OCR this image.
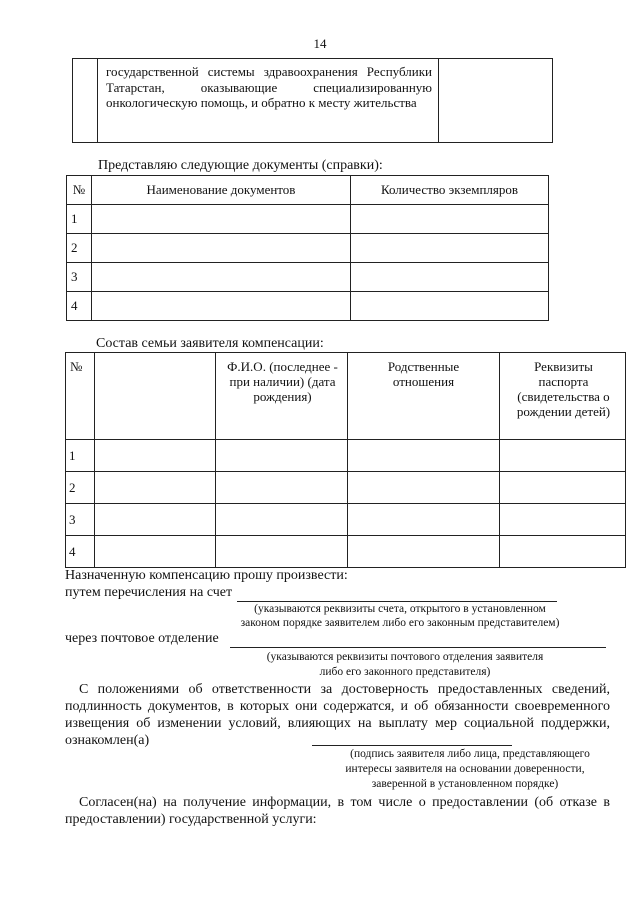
14

государственной системы здравоохранения Республики Татарстан, оказывающие специализированную онкологическую помощь, и обратно к месту жительства

Представляю следующие документы (справки):
№	Наименование документов	Количество экземпляров
1		
2		
3		
4		
Состав семьи заявителя компенсации:
№		Ф.И.О. (последнее - при наличии) (дата рождения)	Родственные отношения	Реквизиты паспорта (свидетельства о рождении детей)
1				
2				
3				
4				
Назначенную компенсацию прошу произвести:
путем перечисления на счет
(указываются реквизиты счета, открытого в установленном
законом порядке заявителем либо его законным представителем)
через почтовое отделение
(указываются реквизиты почтового отделения заявителя
либо его законного представителя)
С положениями об ответственности за достоверность предоставленных сведений, подлинность документов, в которых они содержатся, и об обязанности своевременного извещения об изменении условий, влияющих на выплату мер социальной поддержки, ознакомлен(а)
(подпись заявителя либо лица, представляющего
интересы заявителя на основании доверенности,
заверенной в установленном порядке)
Согласен(на) на получение информации, в том числе о предоставлении (об отказе в предоставлении) государственной услуги:
